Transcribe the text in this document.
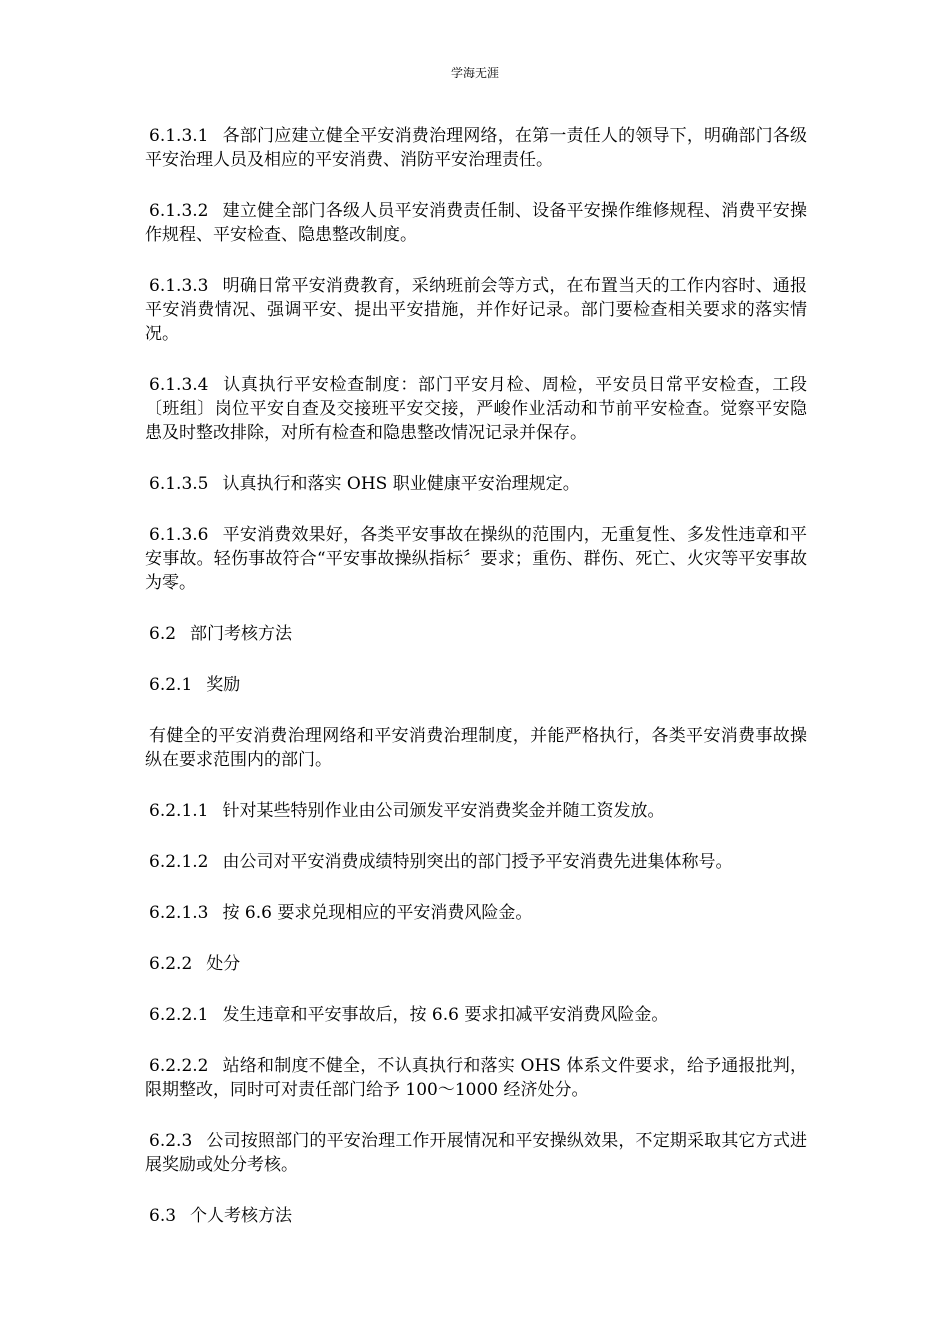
学海无涯

6.1.3.1 各部门应建立健全平安消费治理网络，在第一责任人的领导下，明确部门各级平安治理人员及相应的平安消费、消防平安治理责任。

6.1.3.2 建立健全部门各级人员平安消费责任制、设备平安操作维修规程、消费平安操作规程、平安检查、隐患整改制度。

6.1.3.3 明确日常平安消费教育，采纳班前会等方式，在布置当天的工作内容时、通报平安消费情况、强调平安、提出平安措施，并作好记录。部门要检查相关要求的落实情况。

6.1.3.4 认真执行平安检查制度：部门平安月检、周检，平安员日常平安检查，工段〔班组〕岗位平安自查及交接班平安交接，严峻作业活动和节前平安检查。觉察平安隐患及时整改排除，对所有检查和隐患整改情况记录并保存。

6.1.3.5 认真执行和落实 OHS 职业健康平安治理规定。

6.1.3.6 平安消费效果好，各类平安事故在操纵的范围内，无重复性、多发性违章和平安事故。轻伤事故符合“平安事故操纵指标〞要求；重伤、群伤、死亡、火灾等平安事故为零。

6.2 部门考核方法

6.2.1 奖励

有健全的平安消费治理网络和平安消费治理制度，并能严格执行，各类平安消费事故操纵在要求范围内的部门。

6.2.1.1 针对某些特别作业由公司颁发平安消费奖金并随工资发放。

6.2.1.2 由公司对平安消费成绩特别突出的部门授予平安消费先进集体称号。

6.2.1.3 按 6.6 要求兑现相应的平安消费风险金。

6.2.2 处分

6.2.2.1 发生违章和平安事故后，按 6.6 要求扣减平安消费风险金。

6.2.2.2 站络和制度不健全，不认真执行和落实 OHS 体系文件要求，给予通报批判，限期整改，同时可对责任部门给予 100～1000 经济处分。

6.2.3 公司按照部门的平安治理工作开展情况和平安操纵效果，不定期采取其它方式进展奖励或处分考核。

6.3 个人考核方法
